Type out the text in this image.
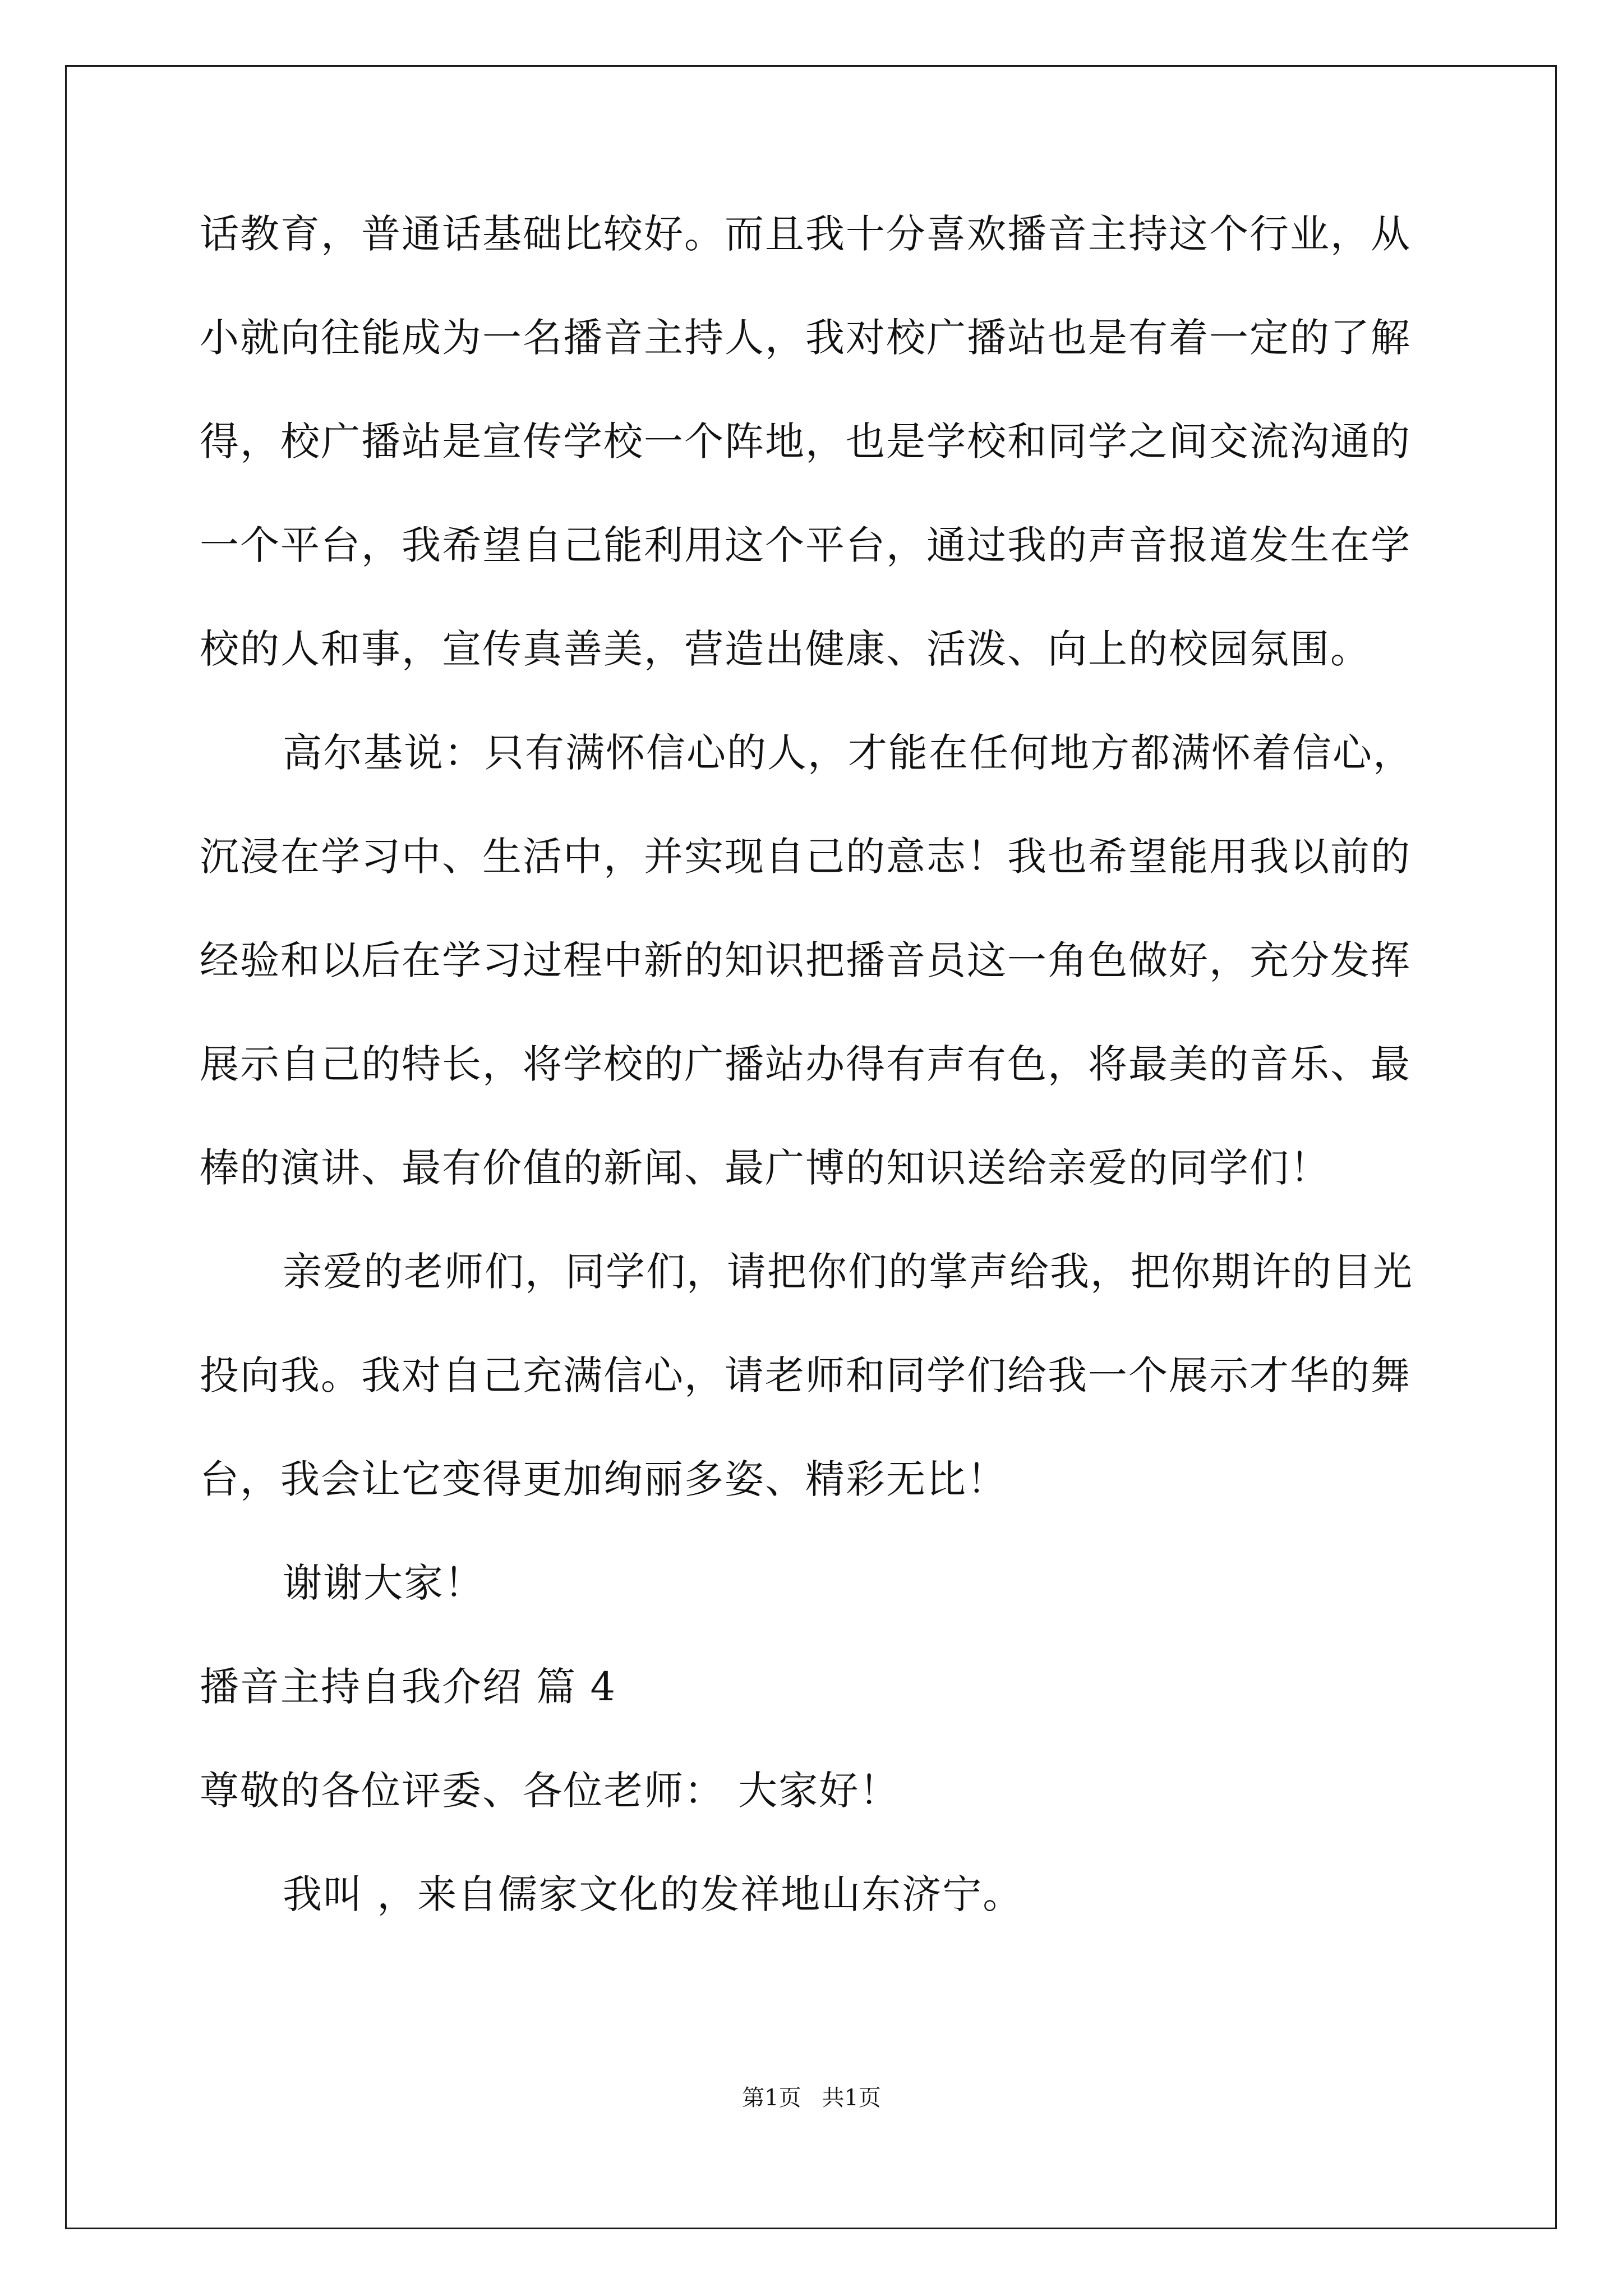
话教育，普通话基础比较好。而且我十分喜欢播音主持这个行业，从
小就向往能成为一名播音主持人，我对校广播站也是有着一定的了解
得，校广播站是宣传学校一个阵地，也是学校和同学之间交流沟通的
一个平台，我希望自己能利用这个平台，通过我的声音报道发生在学
校的人和事，宣传真善美，营造出健康、活泼、向上的校园氛围。
高尔基说：只有满怀信心的人，才能在任何地方都满怀着信心，
沉浸在学习中、生活中，并实现自己的意志！我也希望能用我以前的
经验和以后在学习过程中新的知识把播音员这一角色做好，充分发挥
展示自己的特长，将学校的广播站办得有声有色，将最美的音乐、最
棒的演讲、最有价值的新闻、最广博的知识送给亲爱的同学们！
亲爱的老师们，同学们，请把你们的掌声给我，把你期许的目光
投向我。我对自己充满信心，请老师和同学们给我一个展示才华的舞
台，我会让它变得更加绚丽多姿、精彩无比！
谢谢大家！
播音主持自我介绍 篇 4
尊敬的各位评委、各位老师： 大家好！
我叫 ，来自儒家文化的发祥地山东济宁。
第1页 共1页
